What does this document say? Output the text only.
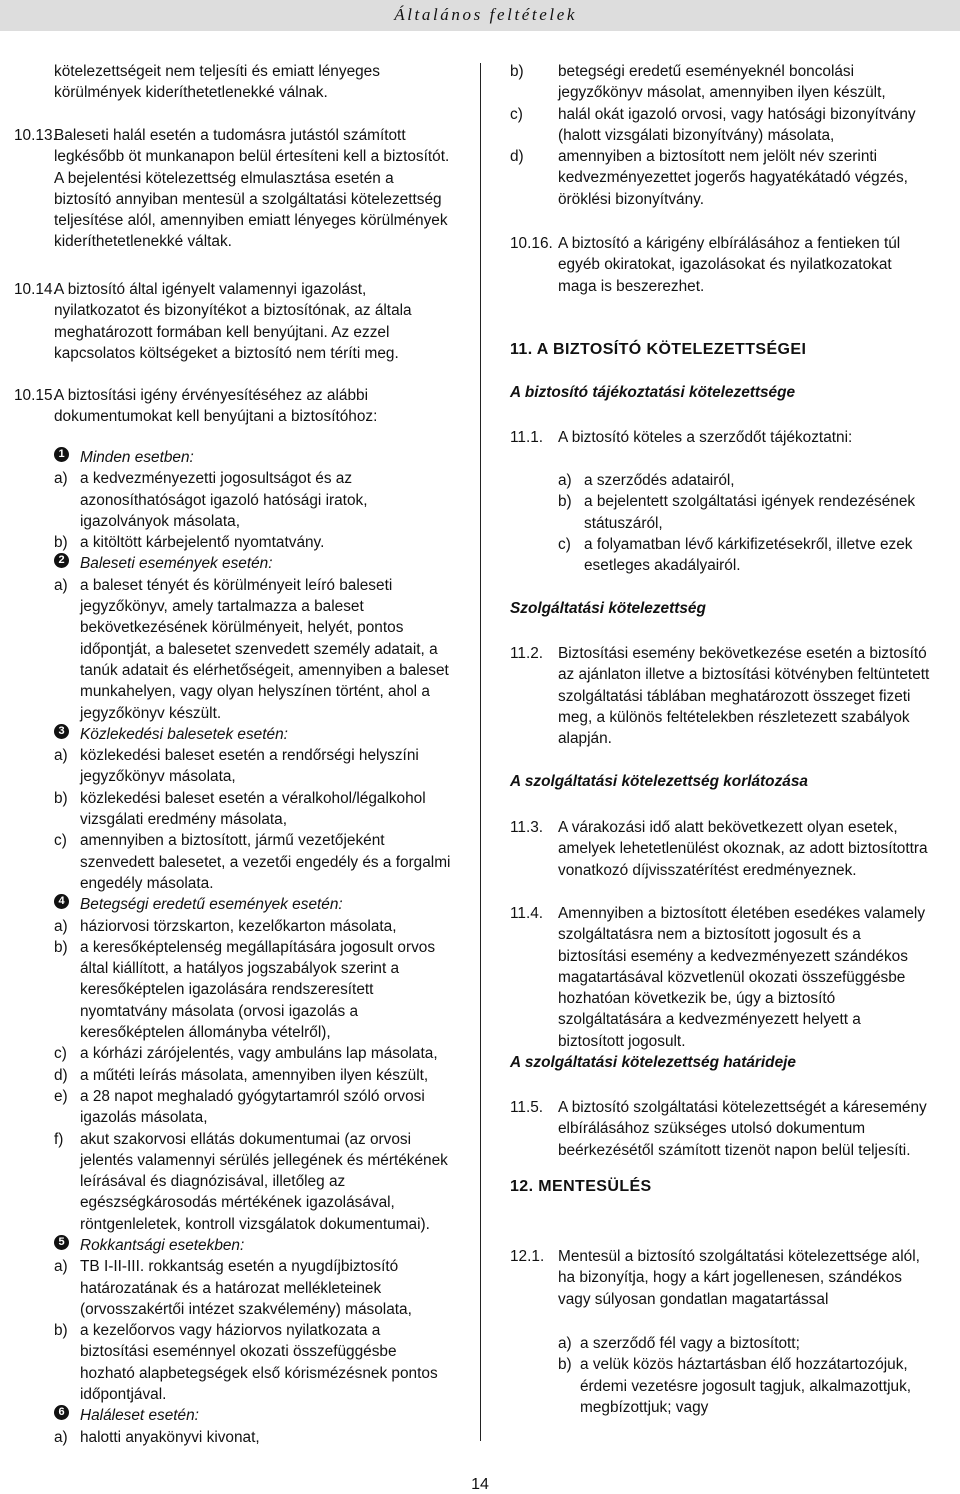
Általános feltételek

kötelezettségeit nem teljesíti és emiatt lényeges körülmények kideríthetetlenekké válnak.

10.13.

Baleseti halál esetén a tudomásra jutástól számított legkésőbb öt munkanapon belül értesíteni kell a biztosítót. A bejelentési kötelezettség elmulasztása esetén a biztosító annyiban mentesül a szolgáltatási kötelezettség teljesítése alól, amennyiben emiatt lényeges körülmények kideríthetetlenekké váltak.

10.14.

A biztosító által igényelt valamennyi igazolást, nyilatkozatot és bizonyítékot a biztosítónak, az általa meghatározott formában kell benyújtani. Az ezzel kapcsolatos költségeket a biztosító nem téríti meg.

10.15.

A biztosítási igény érvényesítéséhez az alábbi dokumentumokat kell benyújtani a biztosítóhoz:

1 Minden esetben:

a) a kedvezményezetti jogosultságot és az azonosíthatóságot igazoló hatósági iratok, igazolványok másolata,

b) a kitöltött kárbejelentő nyomtatvány.

2 Baleseti események esetén:

a) a baleset tényét és körülményeit leíró baleseti jegyzőkönyv, amely tartalmazza a baleset bekövetkezésének körülményeit, helyét, pontos időpontját, a balesetet szenvedett személy adatait, a tanúk adatait és elérhetőségeit, amennyiben a baleset munkahelyen, vagy olyan helyszínen történt, ahol a jegyzőkönyv készült.

3 Közlekedési balesetek esetén:

a) közlekedési baleset esetén a rendőrségi helyszíni jegyzőkönyv másolata,

b) közlekedési baleset esetén a véralkohol/légalkohol vizsgálati eredmény másolata,

c) amennyiben a biztosított, jármű vezetőjeként szenvedett balesetet, a vezetői engedély és a forgalmi engedély másolata.

4 Betegségi eredetű események esetén:

a) háziorvosi törzskarton, kezelőkarton másolata,

b) a keresőképtelenség megállapítására jogosult orvos által kiállított, a hatályos jogszabályok szerint a keresőképtelen igazolására rendszeresített nyomtatvány másolata (orvosi igazolás a keresőképtelen állományba vételről),

c) a kórházi zárójelentés, vagy ambuláns lap másolata,

d) a műtéti leírás másolata, amennyiben ilyen készült,

e) a 28 napot meghaladó gyógytartamról szóló orvosi igazolás másolata,

f) akut szakorvosi ellátás dokumentumai (az orvosi jelentés valamennyi sérülés jellegének és mértékének leírásával és diagnózisával, illetőleg az egészségkárosodás mértékének igazolásával, röntgenleletek, kontroll vizsgálatok dokumentumai).

5 Rokkantsági esetekben:

a) TB I-II-III. rokkantság esetén a nyugdíjbiztosító határozatának és a határozat mellékleteinek (orvosszakértői intézet szakvélemény) másolata,

b) a kezelőorvos vagy háziorvos nyilatkozata a biztosítási eseménnyel okozati összefüggésbe hozható alapbetegségek első kórismézésnek pontos időpontjával.

6 Haláleset esetén:

a) halotti anyakönyvi kivonat,

b) betegségi eredetű eseményeknél boncolási jegyzőkönyv másolat, amennyiben ilyen készült,

c) halál okát igazoló orvosi, vagy hatósági bizonyítvány (halott vizsgálati bizonyítvány) másolata,

d) amennyiben a biztosított nem jelölt név szerinti kedvezményezettet jogerős hagyatékátadó végzés, öröklési bizonyítvány.

10.16. A biztosító a kárigény elbírálásához a fentieken túl egyéb okiratokat, igazolásokat és nyilatkozatokat maga is beszerezhet.

11. A BIZTOSÍTÓ KÖTELEZETTSÉGEI
A biztosító tájékoztatási kötelezettsége
11.1. A biztosító köteles a szerződőt tájékoztatni:

a) a szerződés adatairól,

b) a bejelentett szolgáltatási igények rendezésének státuszáról,

c) a folyamatban lévő kárkifizetésekről, illetve ezek esetleges akadályairól.

Szolgáltatási kötelezettség
11.2. Biztosítási esemény bekövetkezése esetén a biztosító az ajánlaton illetve a biztosítási kötvényben feltüntetett szolgáltatási táblában meghatározott összeget fizeti meg, a különös feltételekben részletezett szabályok alapján.

A szolgáltatási kötelezettség korlátozása
11.3. A várakozási idő alatt bekövetkezett olyan esetek, amelyek lehetetlenülést okoznak, az adott biztosítottra vonatkozó díjvisszatérítést eredményeznek.

11.4. Amennyiben a biztosított életében esedékes valamely szolgáltatásra nem a biztosított jogosult és a biztosítási esemény a kedvezményezett szándékos magatartásával közvetlenül okozati összefüggésbe hozhatóan következik be, úgy a biztosító szolgáltatására a kedvezményezett helyett a biztosított jogosult.

A szolgáltatási kötelezettség határideje
11.5. A biztosító szolgáltatási kötelezettségét a káresemény elbírálásához szükséges utolsó dokumentum beérkezésétől számított tizenöt napon belül teljesíti.

12. MENTESÜLÉS
12.1. Mentesül a biztosító szolgáltatási kötelezettsége alól, ha bizonyítja, hogy a kárt jogellenesen, szándékos vagy súlyosan gondatlan magatartással

a) a szerződő fél vagy a biztosított;

b) a velük közös háztartásban élő hozzátartozójuk, érdemi vezetésre jogosult tagjuk, alkalmazottjuk, megbízottjuk; vagy

14
